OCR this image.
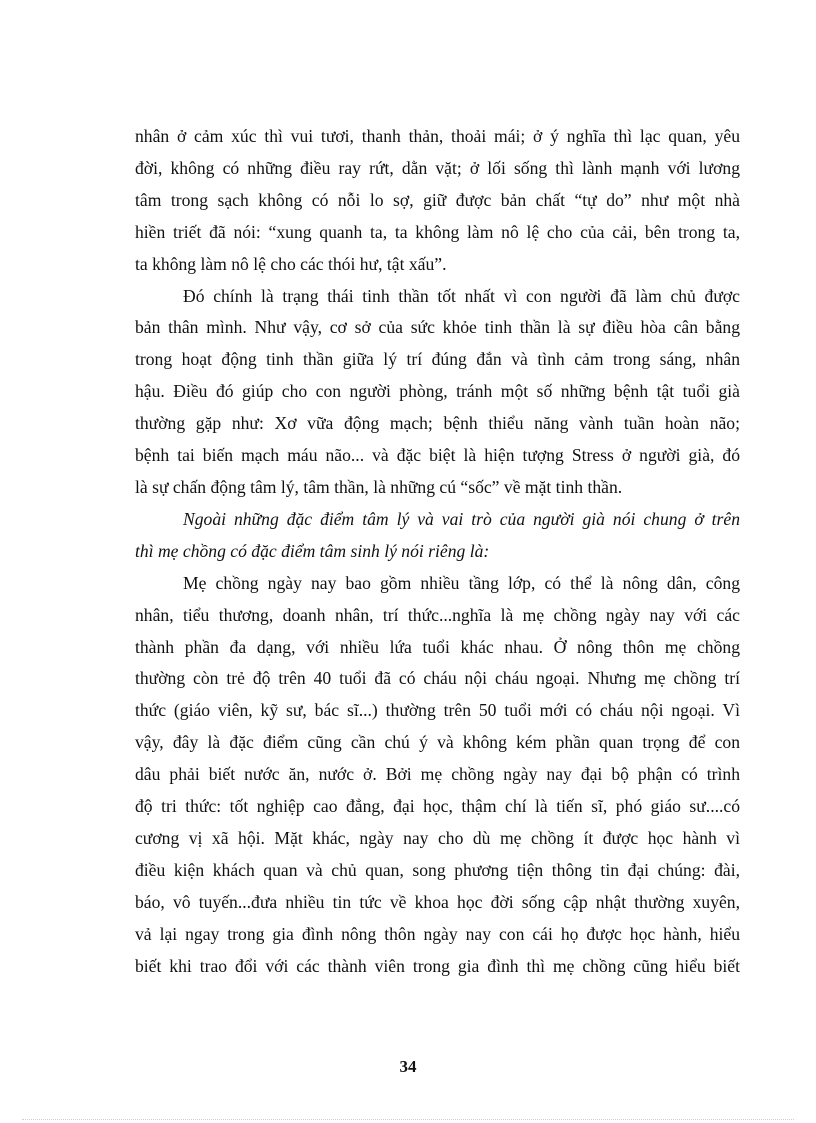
nhân ở cảm xúc thì vui tươi, thanh thản, thoải mái; ở ý nghĩa thì lạc quan, yêu
đời, không có những điều ray rứt, dằn vặt; ở lối sống thì lành mạnh với lương
tâm trong sạch không có nỗi lo sợ, giữ được bản chất “tự do” như một nhà
hiền triết đã nói: “xung quanh ta, ta không làm nô lệ cho của cải, bên trong ta,
ta không làm nô lệ cho các thói hư, tật xấu”.
Đó chính là trạng thái tinh thần tốt nhất vì con người đã làm chủ được
bản thân mình. Như vậy, cơ sở của sức khỏe tinh thần là sự điều hòa cân bằng
trong hoạt động tinh thần giữa lý trí đúng đắn và tình cảm trong sáng, nhân
hậu. Điều đó giúp cho con người phòng, tránh một số những bệnh tật tuổi già
thường gặp như: Xơ vữa động mạch; bệnh thiểu năng vành tuần hoàn não;
bệnh tai biến mạch máu não... và đặc biệt là hiện tượng Stress ở người già, đó
là sự chấn động tâm lý, tâm thần, là những cú “sốc” về mặt tinh thần.
Ngoài những đặc điểm tâm lý và vai trò của người già nói chung ở trên
thì mẹ chồng có đặc điểm tâm sinh lý nói riêng là:
Mẹ chồng ngày nay bao gồm nhiều tầng lớp, có thể là nông dân, công
nhân, tiểu thương, doanh nhân, trí thức...nghĩa là mẹ chồng ngày nay với các
thành phần đa dạng, với nhiều lứa tuổi khác nhau. Ở nông thôn mẹ chồng
thường còn trẻ độ trên 40 tuổi đã có cháu nội cháu ngoại. Nhưng mẹ chồng trí
thức (giáo viên, kỹ sư, bác sĩ...) thường trên 50 tuổi mới có cháu nội ngoại. Vì
vậy, đây là đặc điểm cũng cần chú ý và không kém phần quan trọng để con
dâu phải biết nước ăn, nước ở. Bởi mẹ chồng ngày nay đại bộ phận có trình
độ tri thức: tốt nghiệp cao đẳng, đại học, thậm chí là tiến sĩ, phó giáo sư....có
cương vị xã hội. Mặt khác, ngày nay cho dù mẹ chồng ít được học hành vì
điều kiện khách quan và chủ quan, song phương tiện thông tin đại chúng: đài,
báo, vô tuyến...đưa nhiều tin tức về khoa học đời sống cập nhật thường xuyên,
vả lại ngay trong gia đình nông thôn ngày nay con cái họ được học hành, hiểu
biết khi trao đổi với các thành viên trong gia đình thì mẹ chồng cũng hiểu biết
34
